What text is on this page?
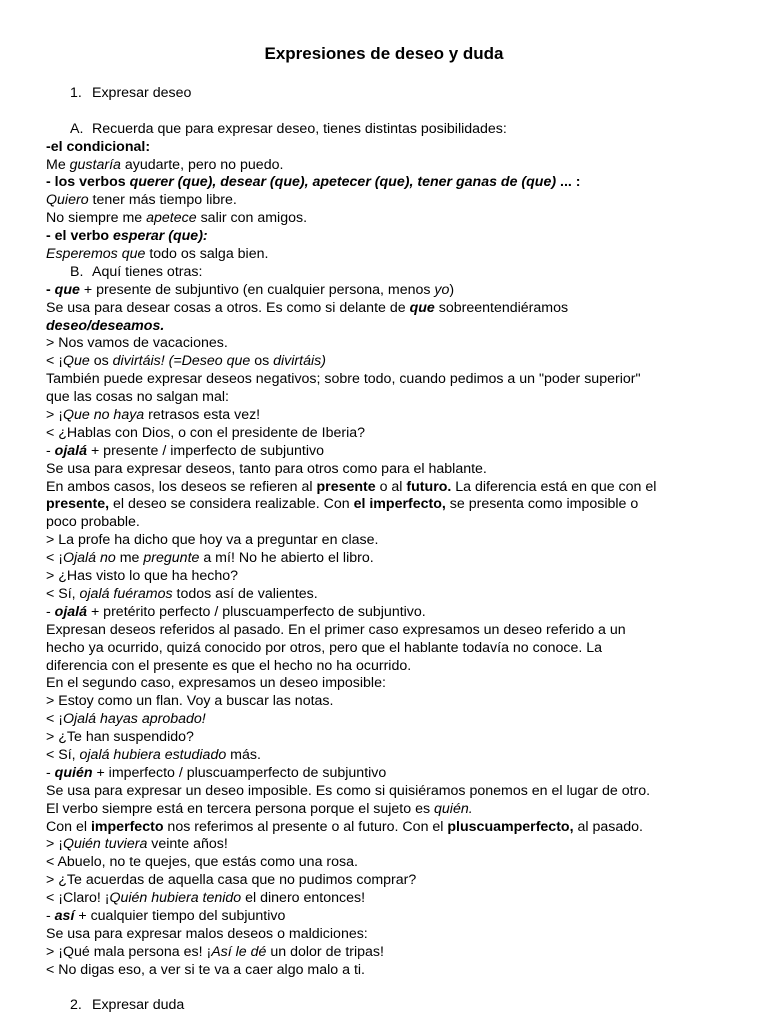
Expresiones de deseo y duda
1. Expresar deseo
A. Recuerda que para expresar deseo, tienes distintas posibilidades:
-el condicional:
Me gustaría ayudarte, pero no puedo.
- los verbos querer (que), desear (que), apetecer (que), tener ganas de (que) ... :
Quiero tener más tiempo libre.
No siempre me apetece salir con amigos.
- el verbo esperar (que):
Esperemos que todo os salga bien.
B. Aquí tienes otras:
- que + presente de subjuntivo (en cualquier persona, menos yo)
Se usa para desear cosas a otros. Es como si delante de que sobreentendiéramos
deseo/deseamos.
> Nos vamos de vacaciones.
< ¡Que os divirtáis! (=Deseo que os divirtáis)
También puede expresar deseos negativos; sobre todo, cuando pedimos a un "poder superior"
que las cosas no salgan mal:
> ¡Que no haya retrasos esta vez!
< ¿Hablas con Dios, o con el presidente de Iberia?
- ojalá + presente / imperfecto de subjuntivo
Se usa para expresar deseos, tanto para otros como para el hablante.
En ambos casos, los deseos se refieren al presente o al futuro. La diferencia está en que con el
presente, el deseo se considera realizable. Con el imperfecto, se presenta como imposible o
poco probable.
> La profe ha dicho que hoy va a preguntar en clase.
< ¡Ojalá no me pregunte a mí! No he abierto el libro.
> ¿Has visto lo que ha hecho?
< Sí, ojalá fuéramos todos así de valientes.
- ojalá + pretérito perfecto / pluscuamperfecto de subjuntivo.
Expresan deseos referidos al pasado. En el primer caso expresamos un deseo referido a un
hecho ya ocurrido, quizá conocido por otros, pero que el hablante todavía no conoce. La
diferencia con el presente es que el hecho no ha ocurrido.
En el segundo caso, expresamos un deseo imposible:
> Estoy como un flan. Voy a buscar las notas.
< ¡Ojalá hayas aprobado!
> ¿Te han suspendido?
< Sí, ojalá hubiera estudiado más.
- quién + imperfecto / pluscuamperfecto de subjuntivo
Se usa para expresar un deseo imposible. Es como si quisiéramos ponemos en el lugar de otro.
El verbo siempre está en tercera persona porque el sujeto es quién.
Con el imperfecto nos referimos al presente o al futuro. Con el pluscuamperfecto, al pasado.
> ¡Quién tuviera veinte años!
< Abuelo, no te quejes, que estás como una rosa.
> ¿Te acuerdas de aquella casa que no pudimos comprar?
< ¡Claro! ¡Quién hubiera tenido el dinero entonces!
- así + cualquier tiempo del subjuntivo
Se usa para expresar malos deseos o maldiciones:
> ¡Qué mala persona es! ¡Así le dé un dolor de tripas!
< No digas eso, a ver si te va a caer algo malo a ti.
2. Expresar duda
